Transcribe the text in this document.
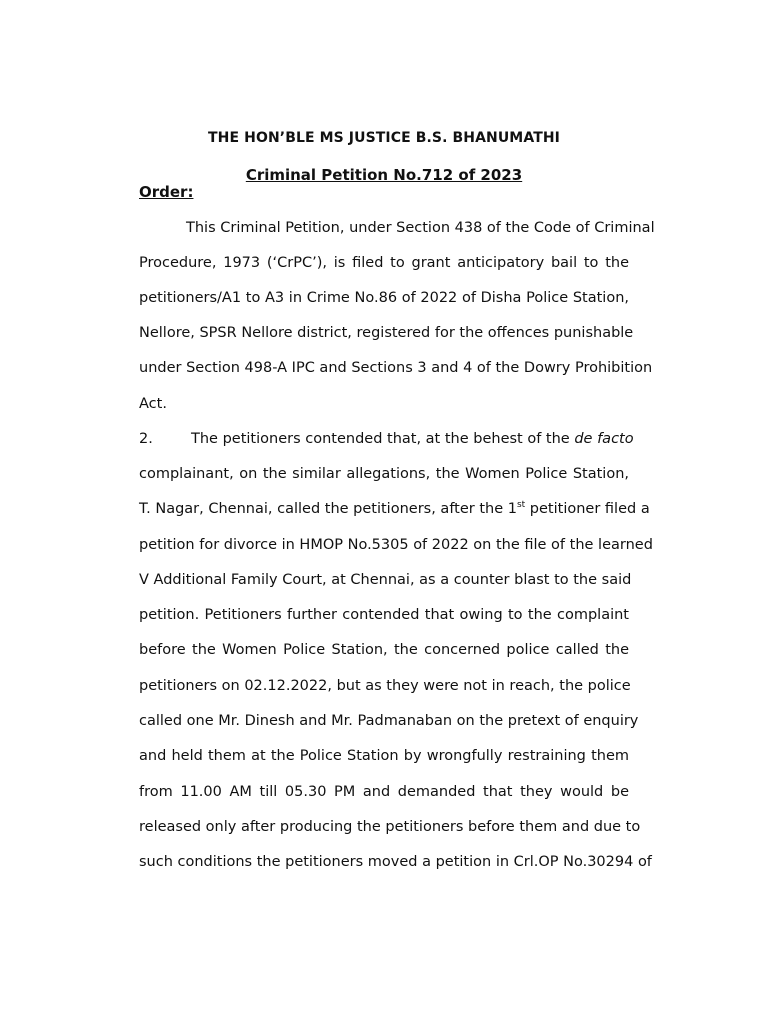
THE HON’BLE MS JUSTICE B.S. BHANUMATHI
Criminal Petition No.712 of 2023
Order:
This Criminal Petition, under Section 438 of the Code of Criminal
Procedure, 1973 (‘CrPC’), is filed to grant anticipatory bail to the
petitioners/A1 to A3 in Crime No.86 of 2022 of Disha Police Station,
Nellore, SPSR Nellore district, registered for the offences punishable
under Section 498-A IPC and Sections 3 and 4 of the Dowry Prohibition
Act.
2.	The petitioners contended that, at the behest of the de facto
complainant, on the similar allegations, the Women Police Station,
T. Nagar, Chennai, called the petitioners, after the 1st petitioner filed a
petition for divorce in HMOP No.5305 of 2022 on the file of the learned
V Additional Family Court, at Chennai, as a counter blast to the said
petition. Petitioners further contended that owing to the complaint
before the Women Police Station, the concerned police called the
petitioners on 02.12.2022, but as they were not in reach, the police
called one Mr. Dinesh and Mr. Padmanaban on the pretext of enquiry
and held them at the Police Station by wrongfully restraining them
from 11.00 AM till 05.30 PM and demanded that they would be
released only after producing the petitioners before them and due to
such conditions the petitioners moved a petition in Crl.OP No.30294 of
